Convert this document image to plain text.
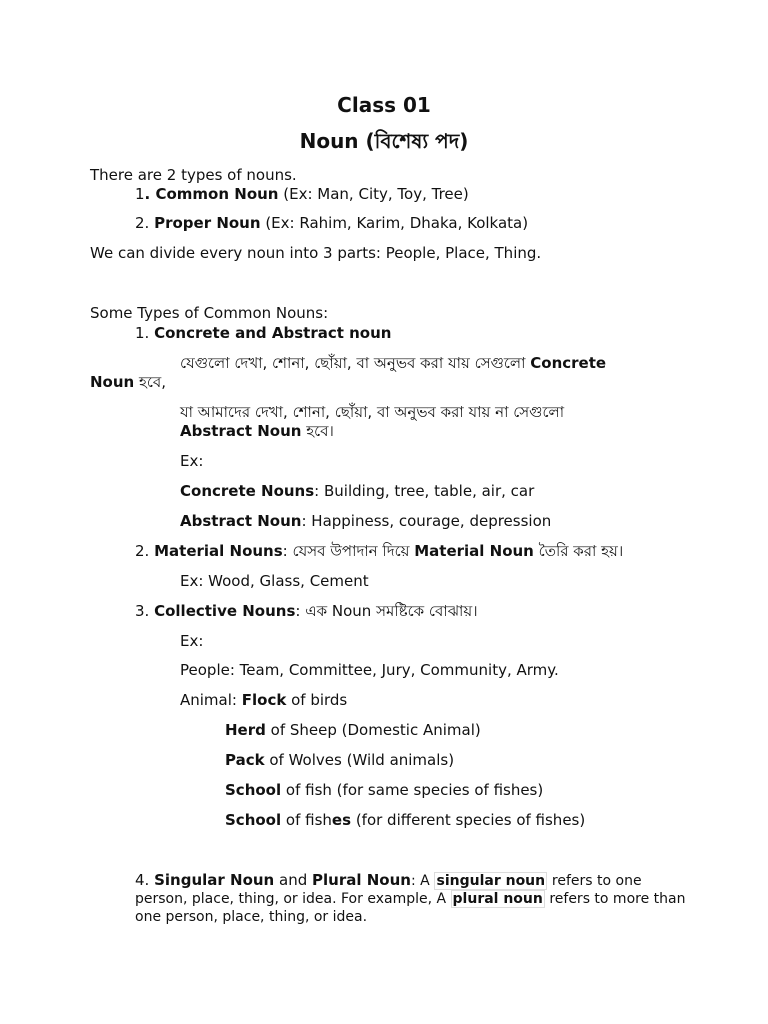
Class 01
Noun (বিশেষ্য পদ)
There are 2 types of nouns.
1. Common Noun (Ex: Man, City, Toy, Tree)
2. Proper Noun (Ex: Rahim, Karim, Dhaka, Kolkata)
We can divide every noun into 3 parts: People, Place, Thing.
Some Types of Common Nouns:
1. Concrete and Abstract noun
যেগুলো দেখা, শোনা, ছোঁয়া, বা অনুভব করা যায় সেগুলো Concrete
Noun হবে,
যা আমাদের দেখা, শোনা, ছোঁয়া, বা অনুভব করা যায় না সেগুলো
Abstract Noun হবে।
Ex:
Concrete Nouns: Building, tree, table, air, car
Abstract Noun: Happiness, courage, depression
2. Material Nouns: যেসব উপাদান দিয়ে Material Noun তৈরি করা হয়।
Ex: Wood, Glass, Cement
3. Collective Nouns: এক Noun সমষ্টিকে বোঝায়।
Ex:
People: Team, Committee, Jury, Community, Army.
Animal: Flock of birds
Herd of Sheep (Domestic Animal)
Pack of Wolves (Wild animals)
School of fish (for same species of fishes)
School of fishes (for different species of fishes)
4. Singular Noun and Plural Noun: A singular noun refers to one
person, place, thing, or idea. For example, A plural noun refers to more than
one person, place, thing, or idea.
